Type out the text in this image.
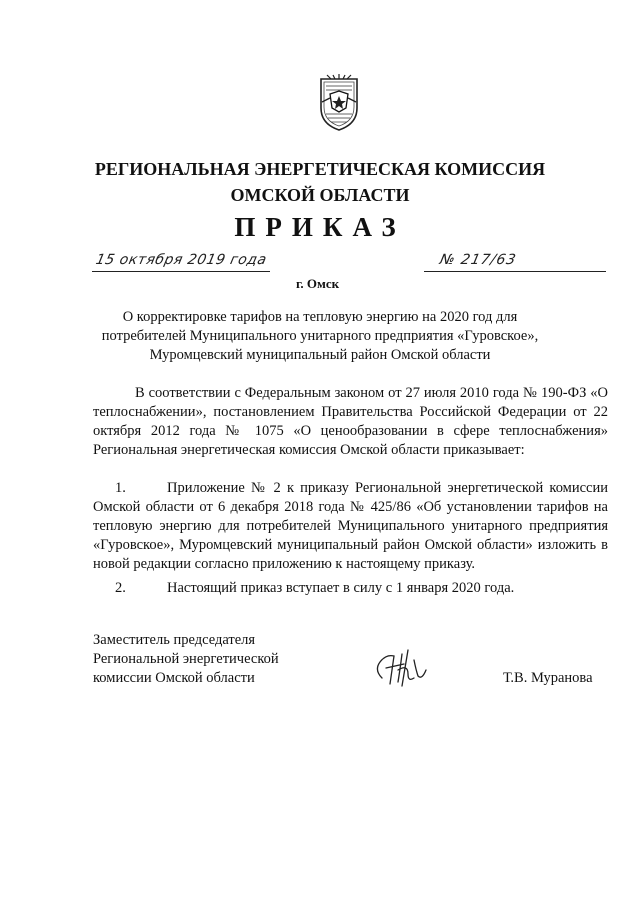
РЕГИОНАЛЬНАЯ ЭНЕРГЕТИЧЕСКАЯ КОМИССИЯ
ОМСКОЙ ОБЛАСТИ
ПРИКАЗ
15 октября 2019 года	№ 217/63
г. Омск
О корректировке тарифов на тепловую энергию на 2020 год для
потребителей Муниципального унитарного предприятия «Гуровское»,
Муромцевский муниципальный район Омской области
В соответствии с Федеральным законом от 27 июля 2010 года № 190-ФЗ «О теплоснабжении», постановлением Правительства Российской Федерации от 22 октября 2012 года № 1075 «О ценообразовании в сфере теплоснабжения» Региональная энергетическая комиссия Омской области приказывает:
1.	Приложение № 2 к приказу Региональной энергетической комиссии Омской области от 6 декабря 2018 года № 425/86 «Об установлении тарифов на тепловую энергию для потребителей Муниципального унитарного предприятия «Гуровское», Муромцевский муниципальный район Омской области» изложить в новой редакции согласно приложению к настоящему приказу.
2.	Настоящий приказ вступает в силу с 1 января 2020 года.
Заместитель председателя
Региональной энергетической
комиссии Омской области	Т.В. Муранова
